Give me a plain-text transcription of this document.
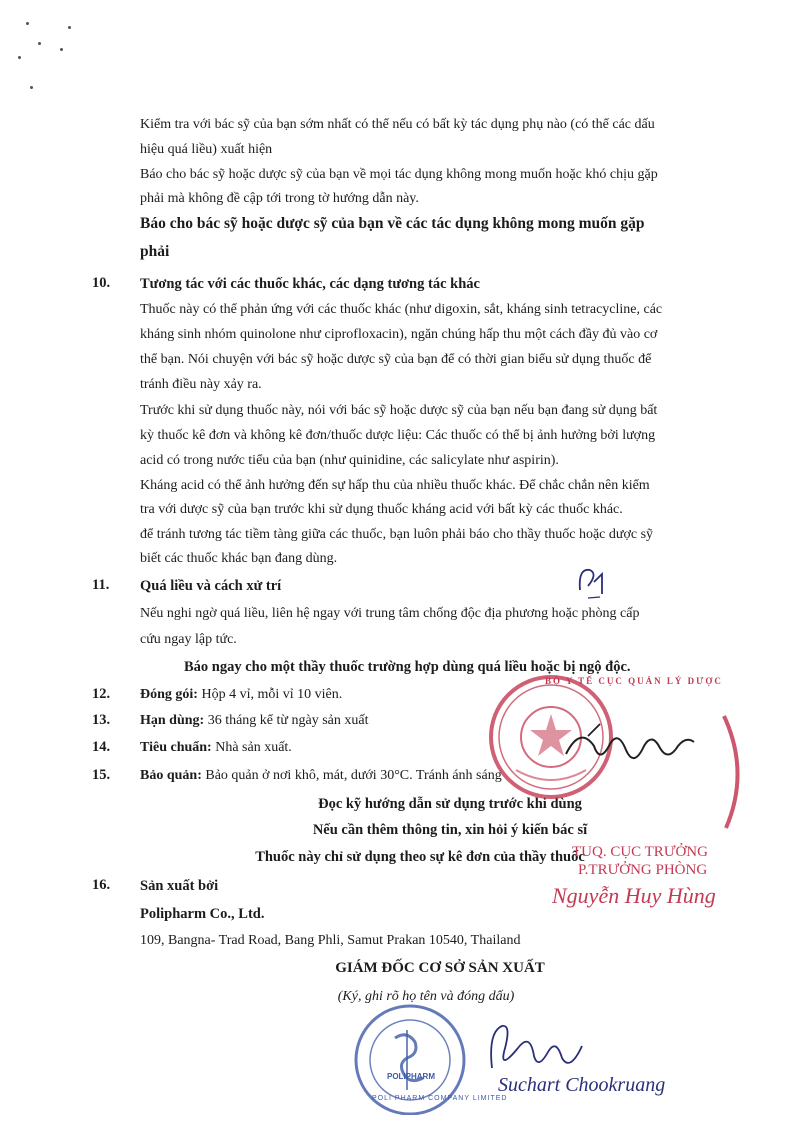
Kiểm tra với bác sỹ của bạn sớm nhất có thể nếu có bất kỳ tác dụng phụ nào (có thể các dấu
hiệu quá liều) xuất hiện
Báo cho bác sỹ hoặc dược sỹ của bạn về mọi tác dụng không mong muốn hoặc khó chịu gặp
phải mà không đề cập tới trong tờ hướng dẫn này.
Báo cho bác sỹ hoặc dược sỹ của bạn về các tác dụng không mong muốn gặp
phải
10. Tương tác với các thuốc khác, các dạng tương tác khác
Thuốc này có thể phản ứng với các thuốc khác (như digoxin, sắt, kháng sinh tetracycline, các
kháng sinh nhóm quinolone như ciprofloxacin), ngăn chúng hấp thu một cách đầy đủ vào cơ
thể bạn. Nói chuyện với bác sỹ hoặc dược sỹ của bạn để có thời gian biểu sử dụng thuốc để
tránh điều này xảy ra.
Trước khi sử dụng thuốc này, nói với bác sỹ hoặc dược sỹ của bạn nếu bạn đang sử dụng bất
kỳ thuốc kê đơn và không kê đơn/thuốc dược liệu: Các thuốc có thể bị ảnh hưởng bởi lượng
acid có trong nước tiểu của bạn (như quinidine, các salicylate như aspirin).
Kháng acid có thể ảnh hưởng đến sự hấp thu của nhiều thuốc khác. Để chắc chắn nên kiểm
tra với dược sỹ của bạn trước khi sử dụng thuốc kháng acid với bất kỳ các thuốc khác.
để tránh tương tác tiềm tàng giữa các thuốc, bạn luôn phải báo cho thầy thuốc hoặc dược sỹ
biết các thuốc khác bạn đang dùng.
11. Quá liều và cách xử trí
Nếu nghi ngờ quá liều, liên hệ ngay với trung tâm chống độc địa phương hoặc phòng cấp
cứu ngay lập tức.
Báo ngay cho một thầy thuốc trường hợp dùng quá liều hoặc bị ngộ độc.
12. Đóng gói: Hộp 4 vỉ, mỗi vỉ 10 viên.
13. Hạn dùng: 36 tháng kể từ ngày sản xuất
14. Tiêu chuẩn: Nhà sản xuất.
15. Bảo quản: Bảo quản ở nơi khô, mát, dưới 30°C. Tránh ánh sáng
Đọc kỹ hướng dẫn sử dụng trước khi dùng
Nếu cần thêm thông tin, xin hỏi ý kiến bác sĩ
Thuốc này chỉ sử dụng theo sự kê đơn của thầy thuốc
16. Sản xuất bởi
Polipharm Co., Ltd.
109, Bangna- Trad Road, Bang Phli, Samut Prakan 10540, Thailand
GIÁM ĐỐC CƠ SỞ SẢN XUẤT
(Ký, ghi rõ họ tên và đóng dấu)
BỘ Y TẾ CỤC QUẢN LÝ DƯỢC
TUQ. CỤC TRƯỞNG
P.TRƯỞNG PHÒNG
Nguyễn Huy Hùng
POLIPHARM
POLI PHARM COMPANY LIMITED
Suchart Chookruang
